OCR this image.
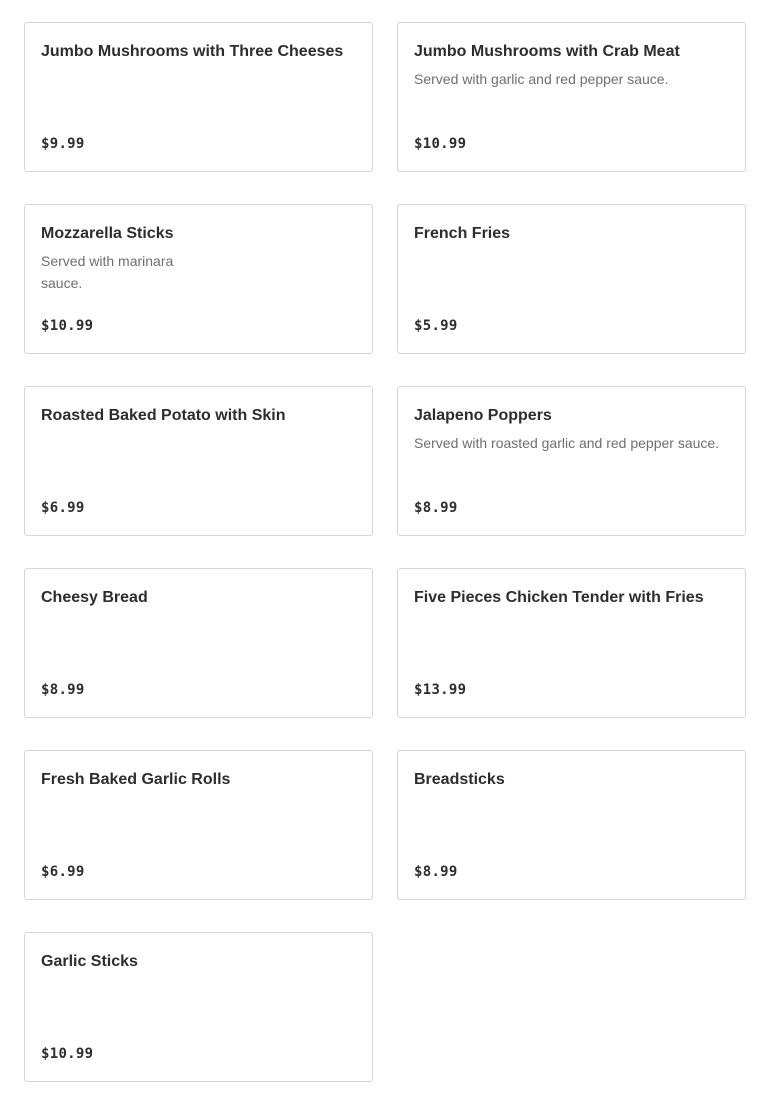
Jumbo Mushrooms with Three Cheeses
$9.99
Jumbo Mushrooms with Crab Meat
Served with garlic and red pepper sauce.
$10.99
Mozzarella Sticks
Served with marinara sauce.
$10.99
French Fries
$5.99
Roasted Baked Potato with Skin
$6.99
Jalapeno Poppers
Served with roasted garlic and red pepper sauce.
$8.99
Cheesy Bread
$8.99
Five Pieces Chicken Tender with Fries
$13.99
Fresh Baked Garlic Rolls
$6.99
Breadsticks
$8.99
Garlic Sticks
$10.99
